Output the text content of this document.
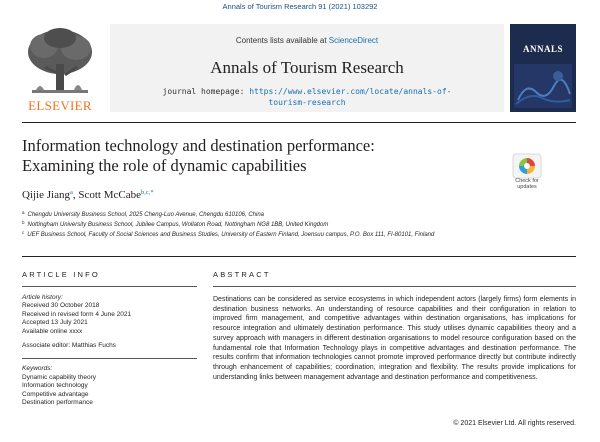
Annals of Tourism Research 91 (2021) 103292
ELSEVIER
Contents lists available at ScienceDirect
Annals of Tourism Research
journal homepage: https://www.elsevier.com/locate/annals-of-
tourism-research
ANNALS
Information technology and destination performance:
Examining the role of dynamic capabilities
Check for
updates
Qijie Jiang$^a$, Scott McCabe$^{b,c,*}$
$^a$ Chengdu University Business School, 2025 Cheng-Luo Avenue, Chengdu 610106, China
$^b$ Nottingham University Business School, Jubilee Campus, Wollaton Road, Nottingham NG8 1BB, United Kingdom
$^c$ UEF Business School, Faculty of Social Sciences and Business Studies, University of Eastern Finland, Joensuu campus, P.O. Box 111, FI-80101, Finland
ARTICLE INFO	ABSTRACT
Article history:
Received 30 October 2018
Received in revised form 4 June 2021
Accepted 13 July 2021
Available online xxxx
Associate editor: Matthias Fuchs
Keywords:
Dynamic capability theory
Information technology
Competitive advantage
Destination performance
Destinations can be considered as service ecosystems in which independent actors (largely firms) form elements in destination business networks. An understanding of resource capabilities and their configuration in relation to improved firm management, and competitive advantages within destination organisations, has implications for resource integration and ultimately destination performance. This study utilises dynamic capabilities theory and a survey approach with managers in different destination organisations to model resource configuration based on the fundamental role that Information Technology plays in competitive advantages and destination performance. The results confirm that information technologies cannot promote improved performance directly but contribute indirectly through enhancement of capabilities; coordination, integration and flexibility. The results provide implications for understanding links between management advantage and destination performance and competitiveness.
© 2021 Elsevier Ltd. All rights reserved.
